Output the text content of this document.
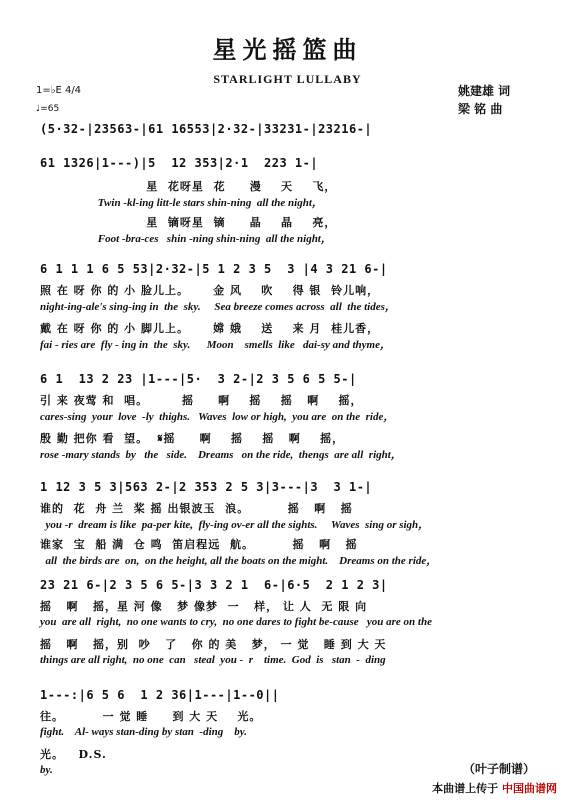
星光摇篮曲
STARLIGHT LULLABY
1=♭E 4/4
♩=65
姚建雄 词
梁 铭 曲
(5·32-|23563-|61 16553|2·32-|33231-|23216-|
61 1326|1---)|5  12 353|2·1  223 1-|
星  花呀星  花     漫    天    飞，
Twin -kl-ing litt-le stars shin-ning  all the night，
星  镝呀星  镝     晶    晶    亮，
Foot -bra-ces   shin -ning shin-ning  all the night，
6 1 1 1 6 5 53|2·32-|5 1 2 3 5  3 |4 3 21 6-|
照 在 呀 你 的 小 脸儿上。     金 风    吹    得 银  铃儿响，
night-ing-ale's sing-ing in  the  sky.     Sea breeze comes across  all  the tides，
戴 在 呀 你 的 小 脚儿上。     嫦 娥    送    来 月  桂儿香，
fai - ries are  fly - ing in  the  sky.      Moon    smells  like   dai-sy and thyme，
6 1  13 2 23 |1---|5·  3 2-|2 3 5 6 5 5-|
引 来 夜莺 和  唱。       摇     啊    摇    摇   啊    摇，
cares-sing  your  love  -ly  thighs.   Waves  low or high,  you are  on the  ride，
殷 勤 把你 看  望。  𝄋摇     啊    摇    摇   啊    摇，
rose -mary stands  by   the   side.    Dreams   on the ride,  thengs  are all  right，
1 12 3 5 3|563 2-|2 353 2 5 3|3---|3  3 1-|
谁的  花  舟 兰  桨 摇 出银波玉  浪。        摇   啊   摇
you -r  dream is like  pa-per kite,  fly-ing ov-er all the sights.     Waves  sing or sigh，
谁家  宝  船 满  仓 鸣  笛启程远  航。        摇   啊   摇
all  the birds are  on,  on the height, all the boats on the might.    Dreams on the ride，
23 21 6-|2 3 5 6 5-|3 3 2 1  6-|6·5  2 1 2 3|
摇   啊   摇，星 河 像   梦 像梦  一   样， 让 人  无 限 向
you  are all  right,  no one wants to cry,  no one dares to fight be-cause   you are on the
摇   啊   摇，别  吵   了   你 的 美   梦， 一 觉   睡 到 大 天
things are all right,  no one  can   steal  you -  r    time.  God  is   stan  -  ding
1---:|6 5 6  1 2 36|1---|1--0||
往。        一 觉 睡     到 大 天    光。
fight.    Al- ways stan-ding by stan  -ding    by.
光。   D.S.
by.	（叶子制谱）
本曲谱上传于 中国曲谱网
